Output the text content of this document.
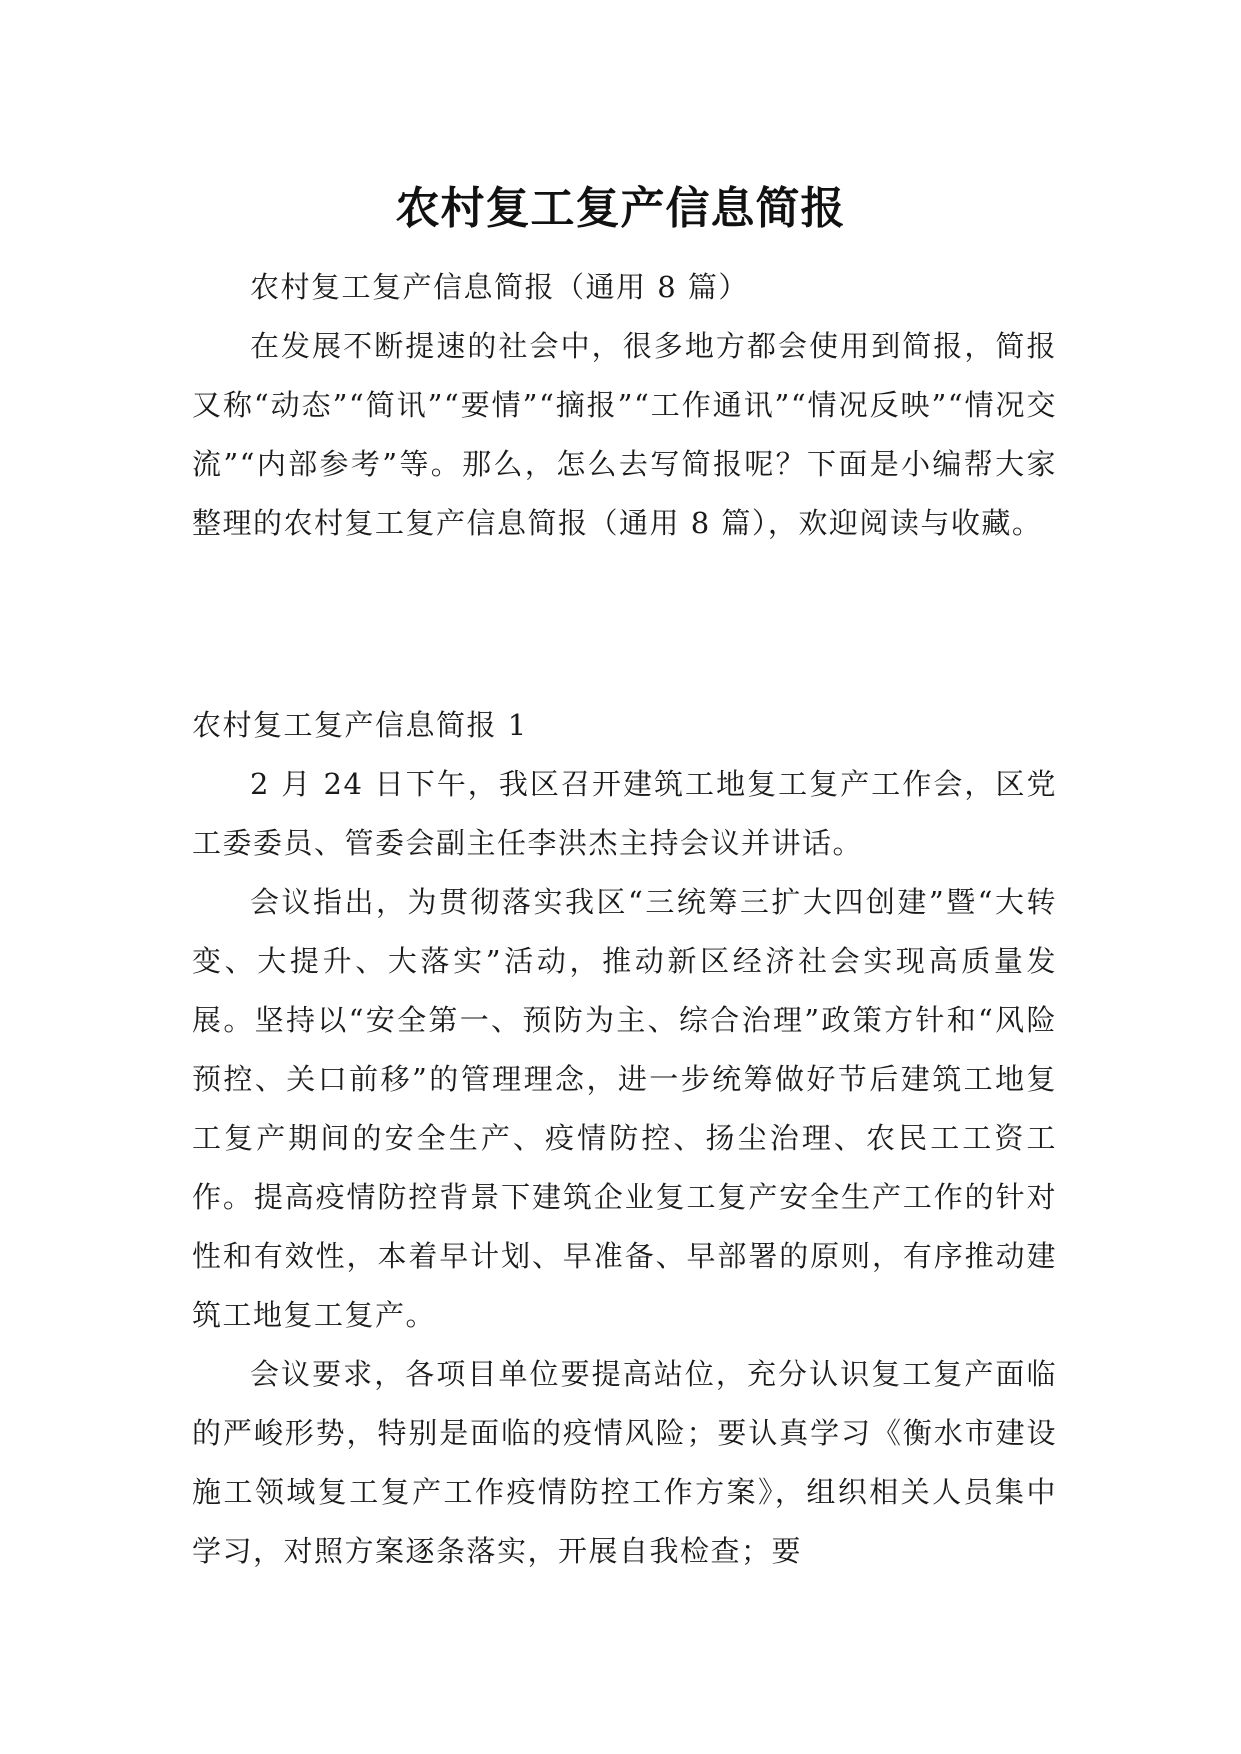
农村复工复产信息简报

农村复工复产信息简报（通用 8 篇）

在发展不断提速的社会中，很多地方都会使用到简报，简报又称“动态”“简讯”“要情”“摘报”“工作通讯”“情况反映”“情况交流”“内部参考”等。那么，怎么去写简报呢？下面是小编帮大家整理的农村复工复产信息简报（通用 8 篇），欢迎阅读与收藏。

农村复工复产信息简报 1

2 月 24 日下午，我区召开建筑工地复工复产工作会，区党工委委员、管委会副主任李洪杰主持会议并讲话。

会议指出，为贯彻落实我区“三统筹三扩大四创建”暨“大转变、大提升、大落实”活动，推动新区经济社会实现高质量发展。坚持以“安全第一、预防为主、综合治理”政策方针和“风险预控、关口前移”的管理理念，进一步统筹做好节后建筑工地复工复产期间的安全生产、疫情防控、扬尘治理、农民工工资工作。提高疫情防控背景下建筑企业复工复产安全生产工作的针对性和有效性，本着早计划、早准备、早部署的原则，有序推动建筑工地复工复产。

会议要求，各项目单位要提高站位，充分认识复工复产面临的严峻形势，特别是面临的疫情风险；要认真学习《衡水市建设施工领域复工复产工作疫情防控工作方案》，组织相关人员集中学习，对照方案逐条落实，开展自我检查；要
